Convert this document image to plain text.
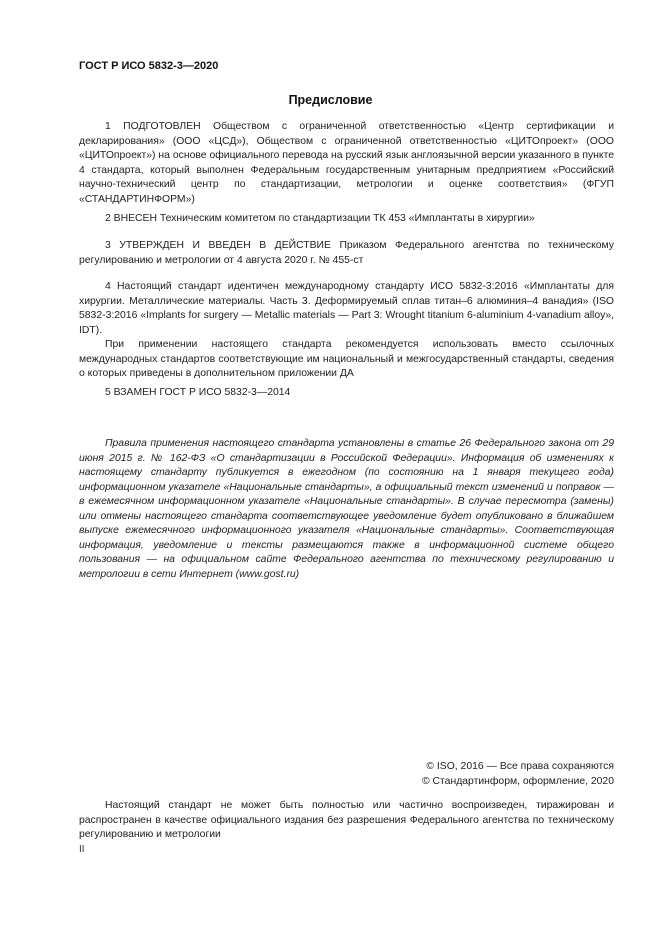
ГОСТ Р ИСО 5832-3—2020
Предисловие

1 ПОДГОТОВЛЕН Обществом с ограниченной ответственностью «Центр сертификации и декларирования» (ООО «ЦСД»), Обществом с ограниченной ответственностью «ЦИТОпроект» (ООО «ЦИТОпроект») на основе официального перевода на русский язык англоязычной версии указанного в пункте 4 стандарта, который выполнен Федеральным государственным унитарным предприятием «Российский научно-технический центр по стандартизации, метрологии и оценке соответствия» (ФГУП «СТАНДАРТИНФОРМ»)

2 ВНЕСЕН Техническим комитетом по стандартизации ТК 453 «Имплантаты в хирургии»

3 УТВЕРЖДЕН И ВВЕДЕН В ДЕЙСТВИЕ Приказом Федерального агентства по техническому регулированию и метрологии от 4 августа 2020 г. № 455-ст

4 Настоящий стандарт идентичен международному стандарту ИСО 5832-3:2016 «Имплантаты для хирургии. Металлические материалы. Часть 3. Деформируемый сплав титан–6 алюминия–4 ванадия» (ISO 5832-3:2016 «Implants for surgery — Metallic materials — Part 3: Wrought titanium 6-aluminium 4-vanadium alloy», IDT).

При применении настоящего стандарта рекомендуется использовать вместо ссылочных международных стандартов соответствующие им национальный и межгосударственный стандарты, сведения о которых приведены в дополнительном приложении ДА

5 ВЗАМЕН ГОСТ Р ИСО 5832-3—2014

Правила применения настоящего стандарта установлены в статье 26 Федерального закона от 29 июня 2015 г. № 162-ФЗ «О стандартизации в Российской Федерации». Информация об изменениях к настоящему стандарту публикуется в ежегодном (по состоянию на 1 января текущего года) информационном указателе «Национальные стандарты», а официальный текст изменений и поправок — в ежемесячном информационном указателе «Национальные стандарты». В случае пересмотра (замены) или отмены настоящего стандарта соответствующее уведомление будет опубликовано в ближайшем выпуске ежемесячного информационного указателя «Национальные стандарты». Соответствующая информация, уведомление и тексты размещаются также в информационной системе общего пользования — на официальном сайте Федерального агентства по техническому регулированию и метрологии в сети Интернет (www.gost.ru)

© ISO, 2016 — Все права сохраняются
© Стандартинформ, оформление, 2020

Настоящий стандарт не может быть полностью или частично воспроизведен, тиражирован и распространен в качестве официального издания без разрешения Федерального агентства по техническому регулированию и метрологии

II
